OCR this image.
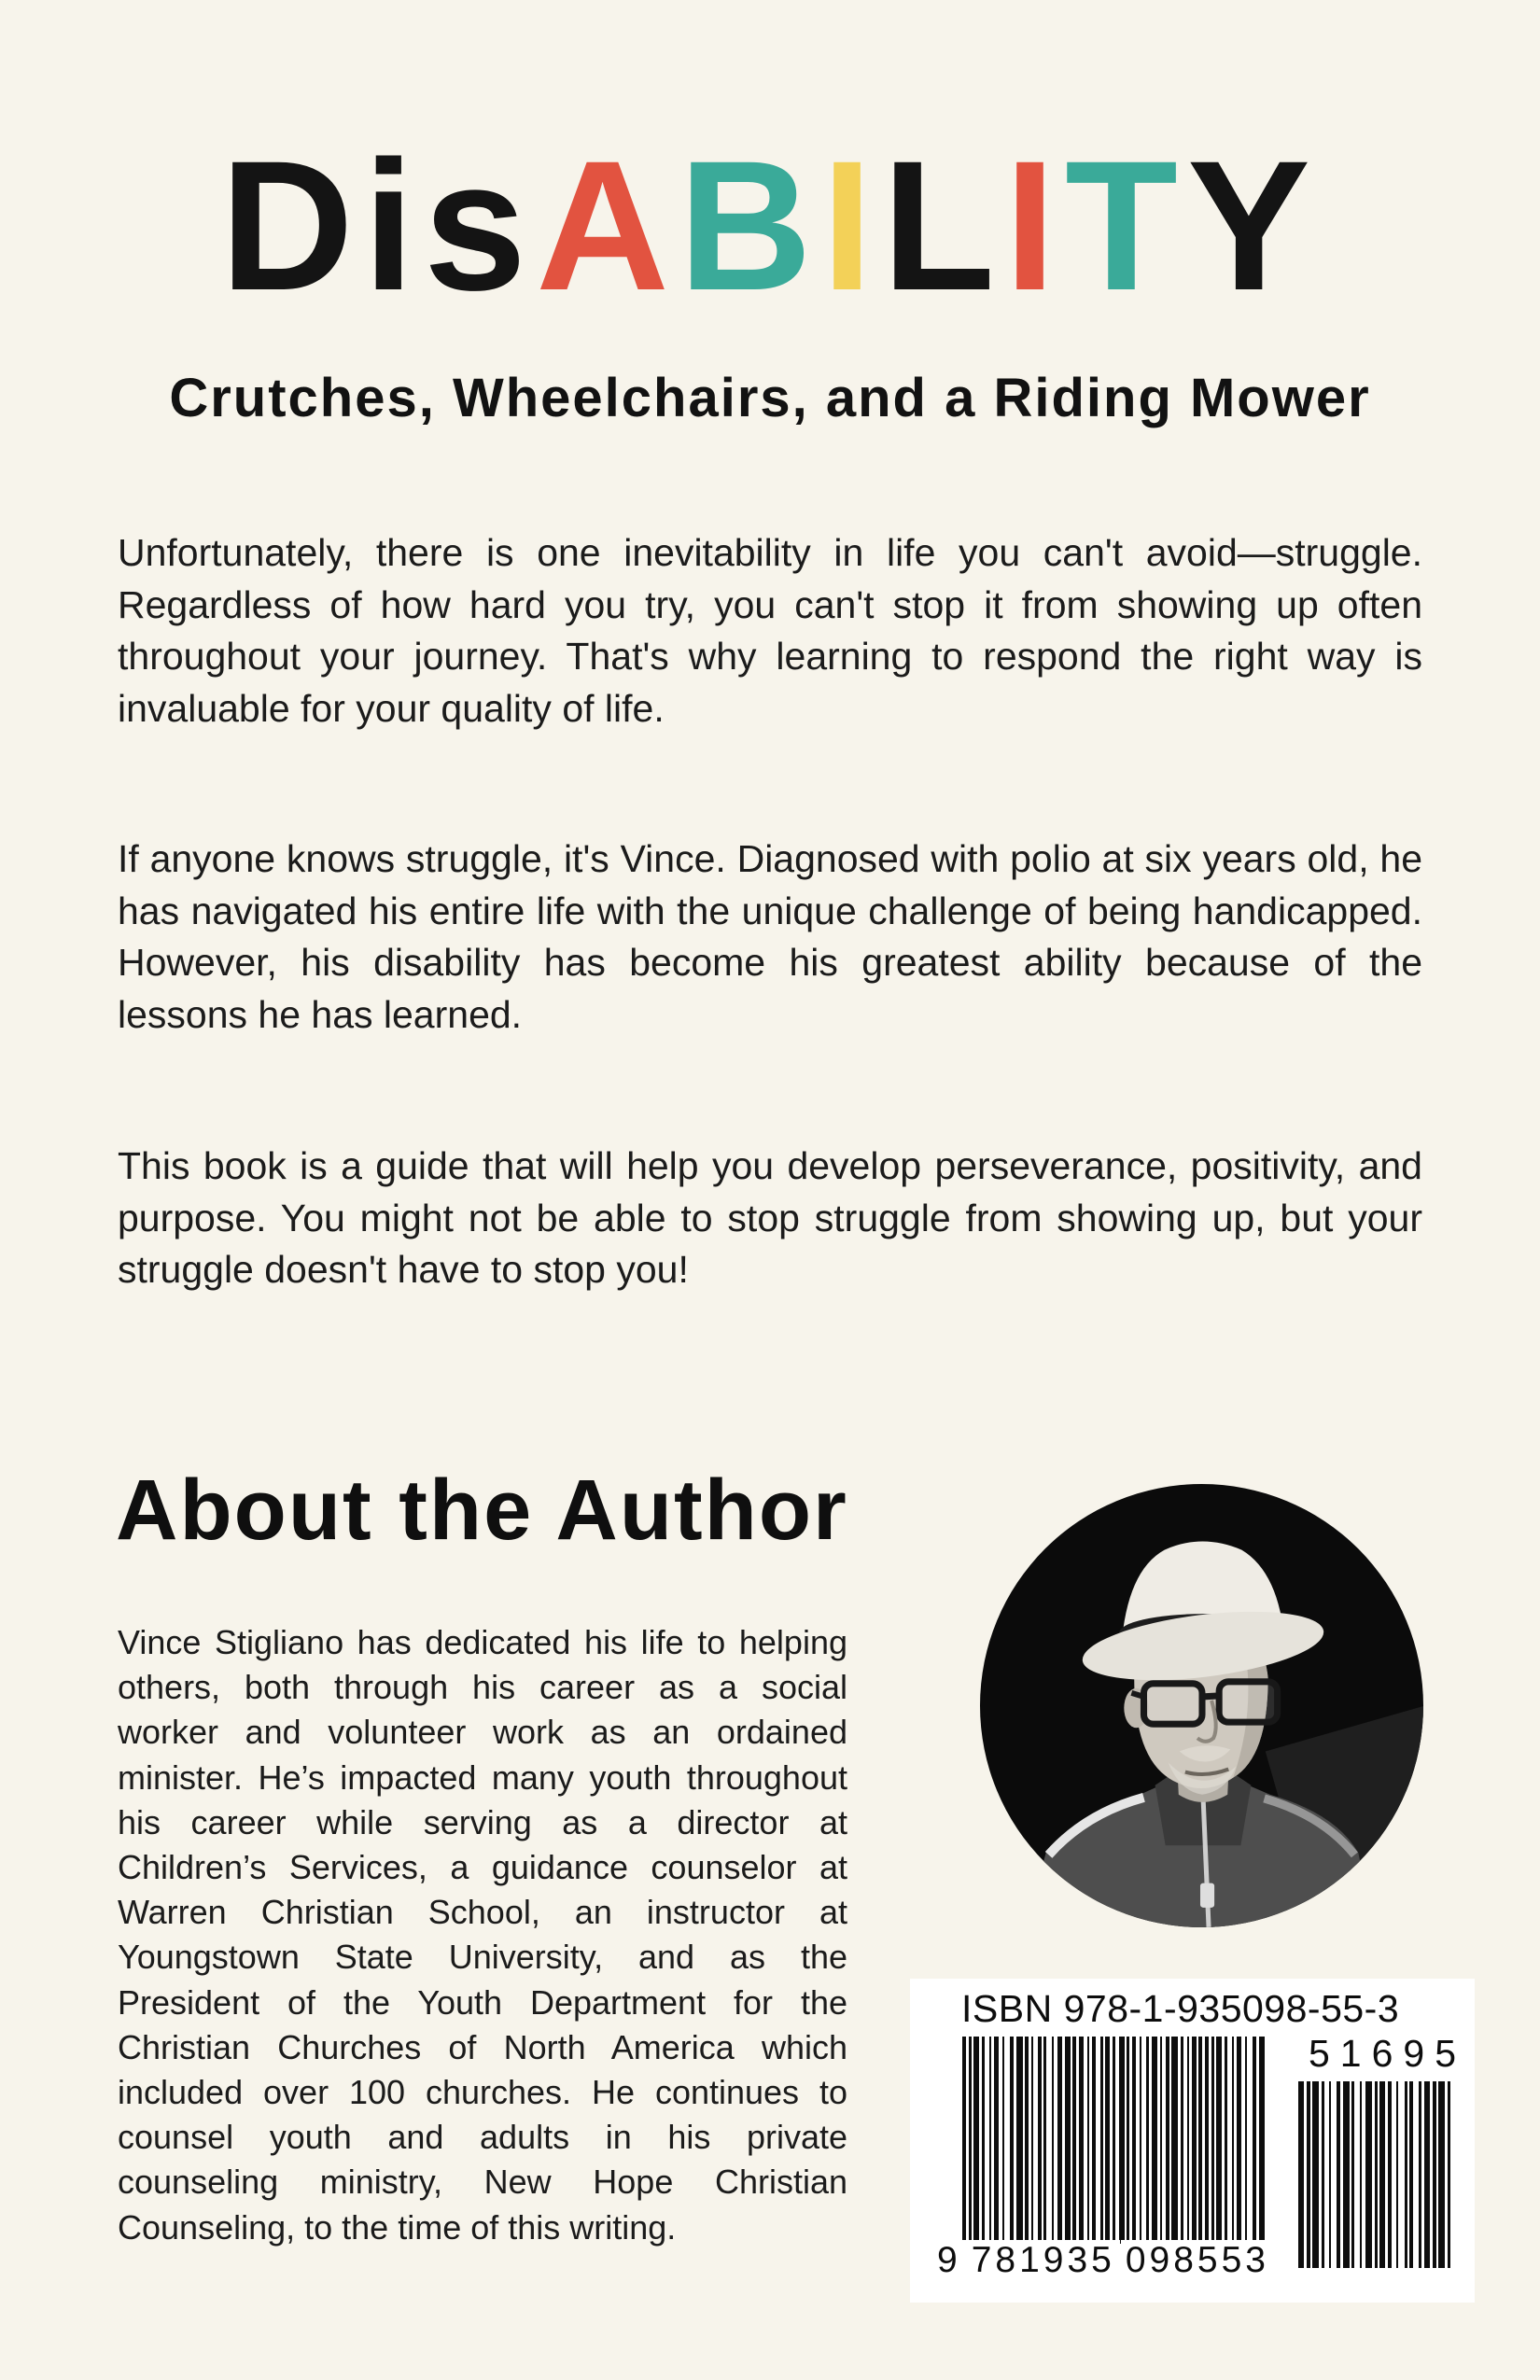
DisABILITY
Crutches, Wheelchairs, and a Riding Mower

Unfortunately, there is one inevitability in life you can't avoid—struggle. Regardless of how hard you try, you can't stop it from showing up often throughout your journey. That's why learning to respond the right way is invaluable for your quality of life.

If anyone knows struggle, it's Vince. Diagnosed with polio at six years old, he has navigated his entire life with the unique challenge of being handicapped. However, his disability has become his greatest ability because of the lessons he has learned.

This book is a guide that will help you develop perseverance, positivity, and purpose. You might not be able to stop struggle from showing up, but your struggle doesn't have to stop you!

About the Author

Vince Stigliano has dedicated his life to helping others, both through his career as a social worker and volunteer work as an ordained minister. He’s impacted many youth throughout his career while serving as a director at Children’s Services, a guidance counselor at Warren Christian School, an instructor at Youngstown State University, and as the President of the Youth Department for the Christian Churches of North America which included over 100 churches. He continues to counsel youth and adults in his private counseling ministry, New Hope Christian Counseling, to the time of this writing.

ISBN 978-1-935098-55-3
51695
9 781935 098553
